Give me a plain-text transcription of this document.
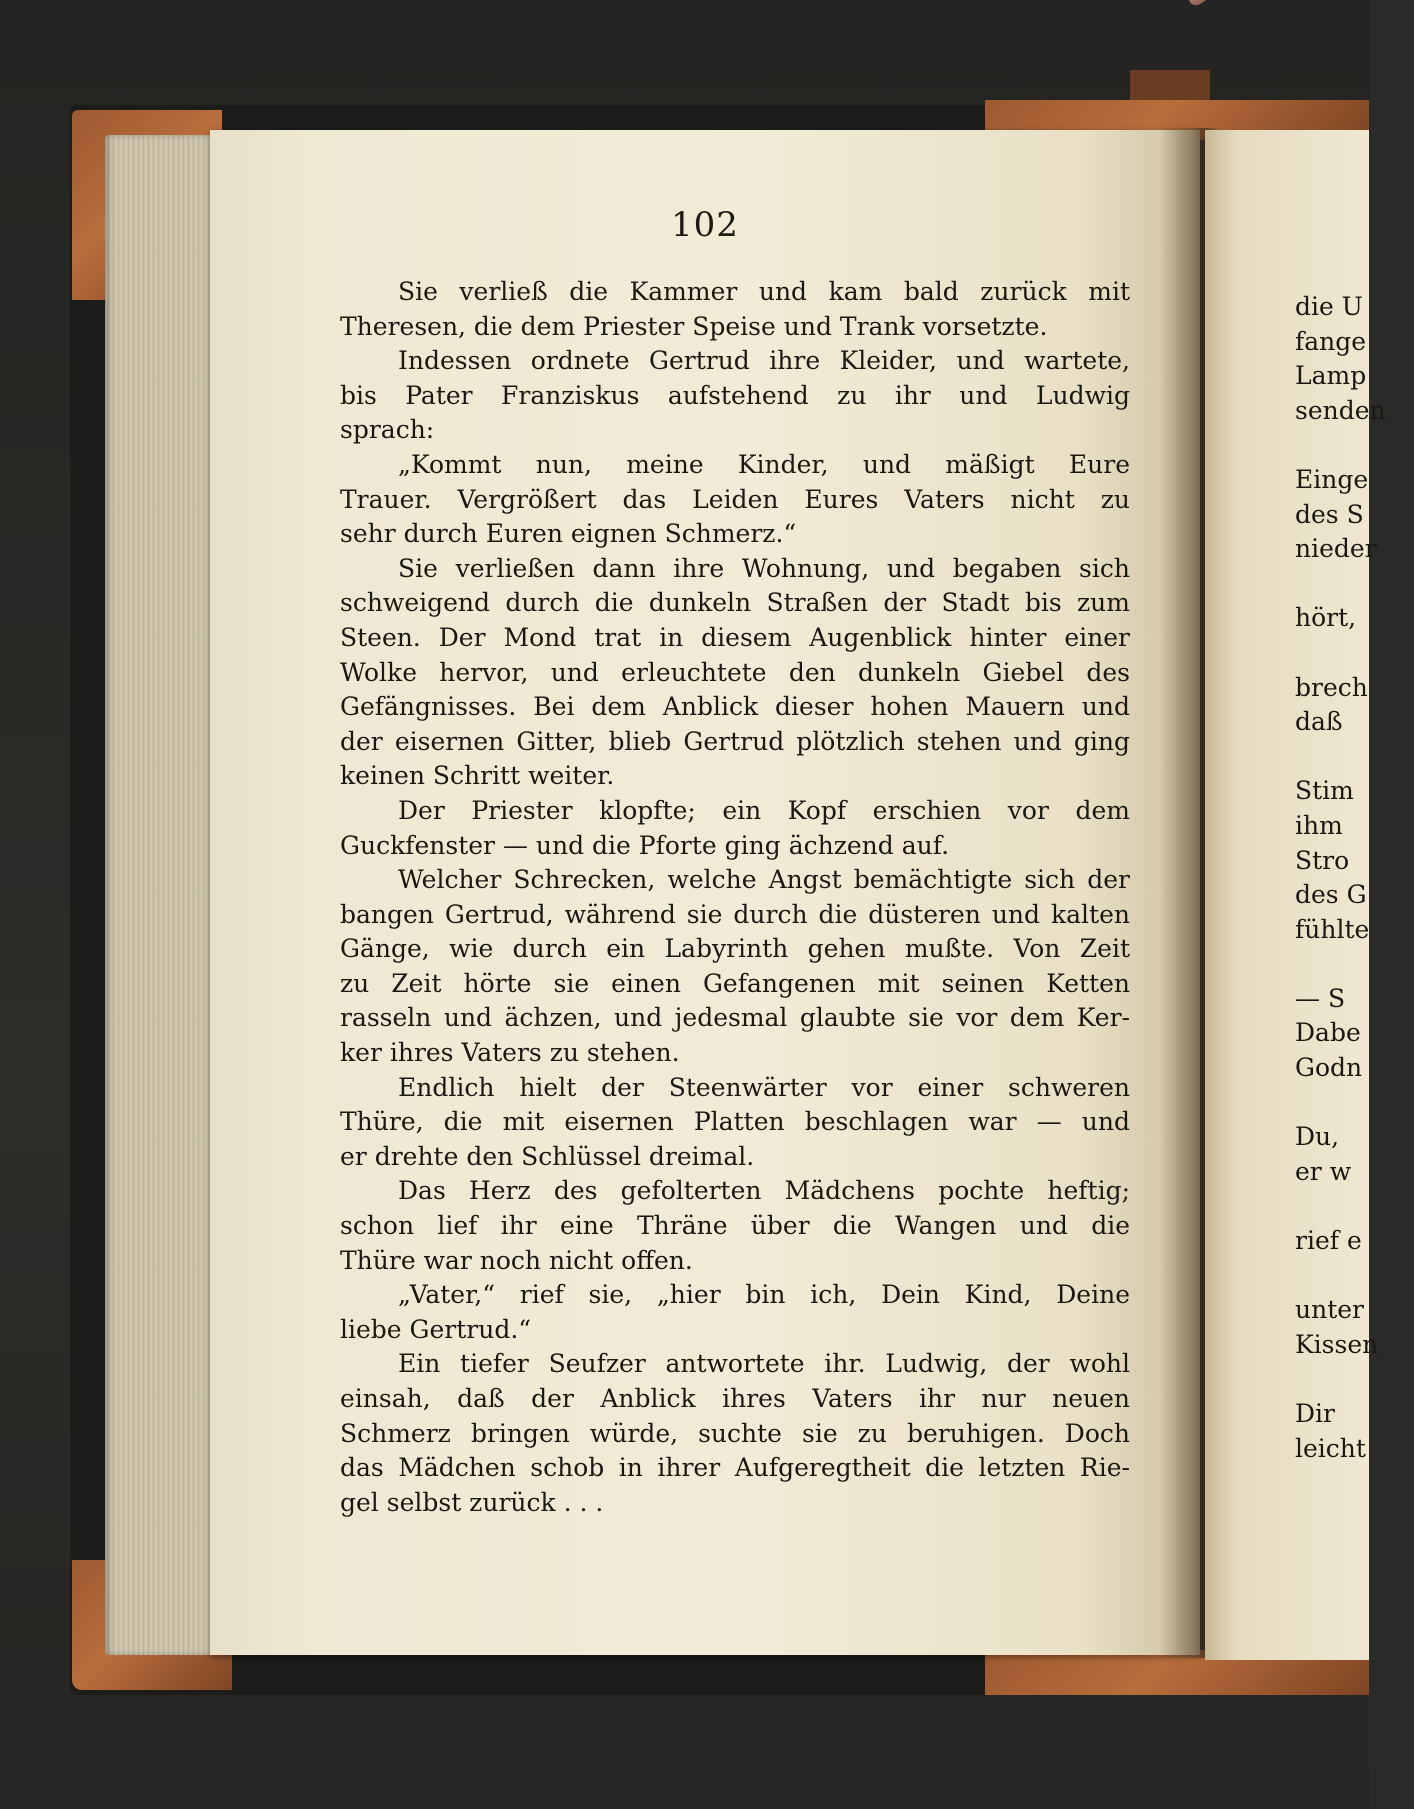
102
Sie verließ die Kammer und kam bald zurück mit
Theresen, die dem Priester Speise und Trank vorsetzte.
Indessen ordnete Gertrud ihre Kleider, und wartete,
bis Pater Franziskus aufstehend zu ihr und Ludwig
sprach:
„Kommt nun, meine Kinder, und mäßigt Eure
Trauer. Vergrößert das Leiden Eures Vaters nicht zu
sehr durch Euren eignen Schmerz.“
Sie verließen dann ihre Wohnung, und begaben sich
schweigend durch die dunkeln Straßen der Stadt bis zum
Steen. Der Mond trat in diesem Augenblick hinter einer
Wolke hervor, und erleuchtete den dunkeln Giebel des
Gefängnisses. Bei dem Anblick dieser hohen Mauern und
der eisernen Gitter, blieb Gertrud plötzlich stehen und ging
keinen Schritt weiter.
Der Priester klopfte; ein Kopf erschien vor dem
Guckfenster — und die Pforte ging ächzend auf.
Welcher Schrecken, welche Angst bemächtigte sich der
bangen Gertrud, während sie durch die düsteren und kalten
Gänge, wie durch ein Labyrinth gehen mußte. Von Zeit
zu Zeit hörte sie einen Gefangenen mit seinen Ketten
rasseln und ächzen, und jedesmal glaubte sie vor dem Ker-
ker ihres Vaters zu stehen.
Endlich hielt der Steenwärter vor einer schweren
Thüre, die mit eisernen Platten beschlagen war — und
er drehte den Schlüssel dreimal.
Das Herz des gefolterten Mädchens pochte heftig;
schon lief ihr eine Thräne über die Wangen und die
Thüre war noch nicht offen.
„Vater,“ rief sie, „hier bin ich, Dein Kind, Deine
liebe Gertrud.“
Ein tiefer Seufzer antwortete ihr. Ludwig, der wohl
einsah, daß der Anblick ihres Vaters ihr nur neuen
Schmerz bringen würde, suchte sie zu beruhigen. Doch
das Mädchen schob in ihrer Aufgeregtheit die letzten Rie-
gel selbst zurück . . .
die U
fange
Lamp
senden
Einge
des S
nieder
hört,
brech
daß
Stim
ihm
Stro
des G
fühlte
— S
Dabe
Godn
Du,
er w
rief e
unter
Kissen
Dir
leicht
